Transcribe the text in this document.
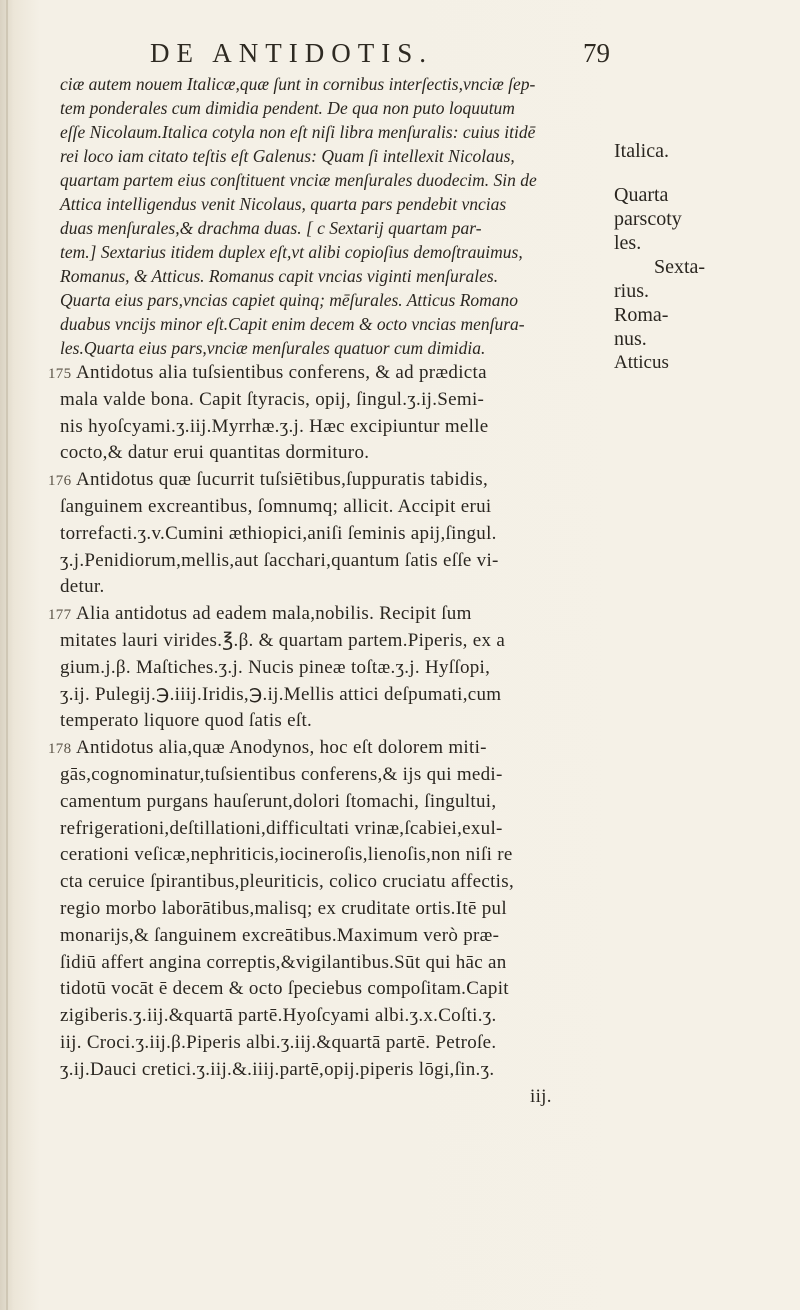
DE ANTIDOTIS.	79
ciæ autem nouem Italicæ,quæ ſunt in cornibus interſectis,vnciæ ſep-
tem ponderales cum dimidia pendent. De qua non puto loquutum
eſſe Nicolaum.Italica cotyla non eſt niſi libra menſuralis: cuius itidē
rei loco iam citato teſtis eſt Galenus: Quam ſi intellexit Nicolaus,
quartam partem eius conſtituent vnciæ menſurales duodecim. Sin de
Attica intelligendus venit Nicolaus, quarta pars pendebit vncias
duas menſurales,& drachma duas. [ c Sextarij quartam par-
tem.] Sextarius itidem duplex eſt,vt alibi copioſius demoſtrauimus,
Romanus, & Atticus. Romanus capit vncias viginti menſurales.
Quarta eius pars,vncias capiet quinq; mēſurales. Atticus Romano
duabus vncijs minor eſt.Capit enim decem & octo vncias menſura-
les.Quarta eius pars,vnciæ menſurales quatuor cum dimidia.
175 Antidotus alia tuſsientibus conferens, & ad prædicta
mala valde bona. Capit ſtyracis, opij, ſingul.ʒ.ij.Semi-
nis hyoſcyami.ʒ.iij.Myrrhæ.ʒ.j. Hæc excipiuntur melle
cocto,& datur erui quantitas dormituro.
176 Antidotus quæ ſucurrit tuſsiētibus,ſuppuratis tabidis,
ſanguinem excreantibus, ſomnumq; allicit. Accipit erui
torrefacti.ʒ.v.Cumini æthiopici,aniſi ſeminis apij,ſingul.
ʒ.j.Penidiorum,mellis,aut ſacchari,quantum ſatis eſſe vi-
detur.
177 Alia antidotus ad eadem mala,nobilis. Recipit ſum
mitates lauri virides.℥.β. & quartam partem.Piperis, ex a
gium.j.β. Maſtiches.ʒ.j. Nucis pineæ toſtæ.ʒ.j. Hyſſopi,
ʒ.ij. Pulegij.℈.iiij.Iridis,℈.ij.Mellis attici deſpumati,cum
temperato liquore quod ſatis eſt.
178 Antidotus alia,quæ Anodynos, hoc eſt dolorem miti-
gās,cognominatur,tuſsientibus conferens,& ijs qui medi-
camentum purgans hauſerunt,dolori ſtomachi, ſingultui,
refrigerationi,deſtillationi,difficultati vrinæ,ſcabiei,exul-
cerationi veſicæ,nephriticis,iocineroſis,lienoſis,non niſi re
cta ceruice ſpirantibus,pleuriticis, colico cruciatu affectis,
regio morbo laborātibus,malisq; ex cruditate ortis.Itē pul
monarijs,& ſanguinem excreātibus.Maximum verò præ-
ſidiū affert angina correptis,&vigilantibus.Sūt qui hāc an
tidotū vocāt ē decem & octo ſpeciebus compoſitam.Capit
zigiberis.ʒ.iij.&quartā partē.Hyoſcyami albi.ʒ.x.Coſti.ʒ.
iij. Croci.ʒ.iij.β.Piperis albi.ʒ.iij.&quartā partē. Petroſe.
ʒ.ij.Dauci cretici.ʒ.iij.&.iiij.partē,opij.piperis lōgi,ſin.ʒ.
iij.
Italica.
Quarta
parscoty
les.
Sexta-
rius.
Roma-
nus.
Atticus
